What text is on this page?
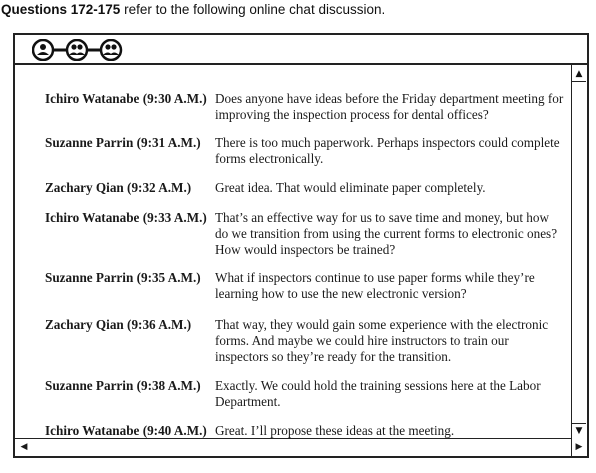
Questions 172-175 refer to the following online chat discussion.
Ichiro Watanabe (9:30 A.M.) Does anyone have ideas before the Friday department meeting for improving the inspection process for dental offices?
Suzanne Parrin (9:31 A.M.) There is too much paperwork. Perhaps inspectors could complete forms electronically.
Zachary Qian (9:32 A.M.) Great idea. That would eliminate paper completely.
Ichiro Watanabe (9:33 A.M.) That’s an effective way for us to save time and money, but how do we transition from using the current forms to electronic ones? How would inspectors be trained?
Suzanne Parrin (9:35 A.M.) What if inspectors continue to use paper forms while they’re learning how to use the new electronic version?
Zachary Qian (9:36 A.M.) That way, they would gain some experience with the electronic forms. And maybe we could hire instructors to train our inspectors so they’re ready for the transition.
Suzanne Parrin (9:38 A.M.) Exactly. We could hold the training sessions here at the Labor Department.
Ichiro Watanabe (9:40 A.M.) Great. I’ll propose these ideas at the meeting.
▲
▼
◀	▶
